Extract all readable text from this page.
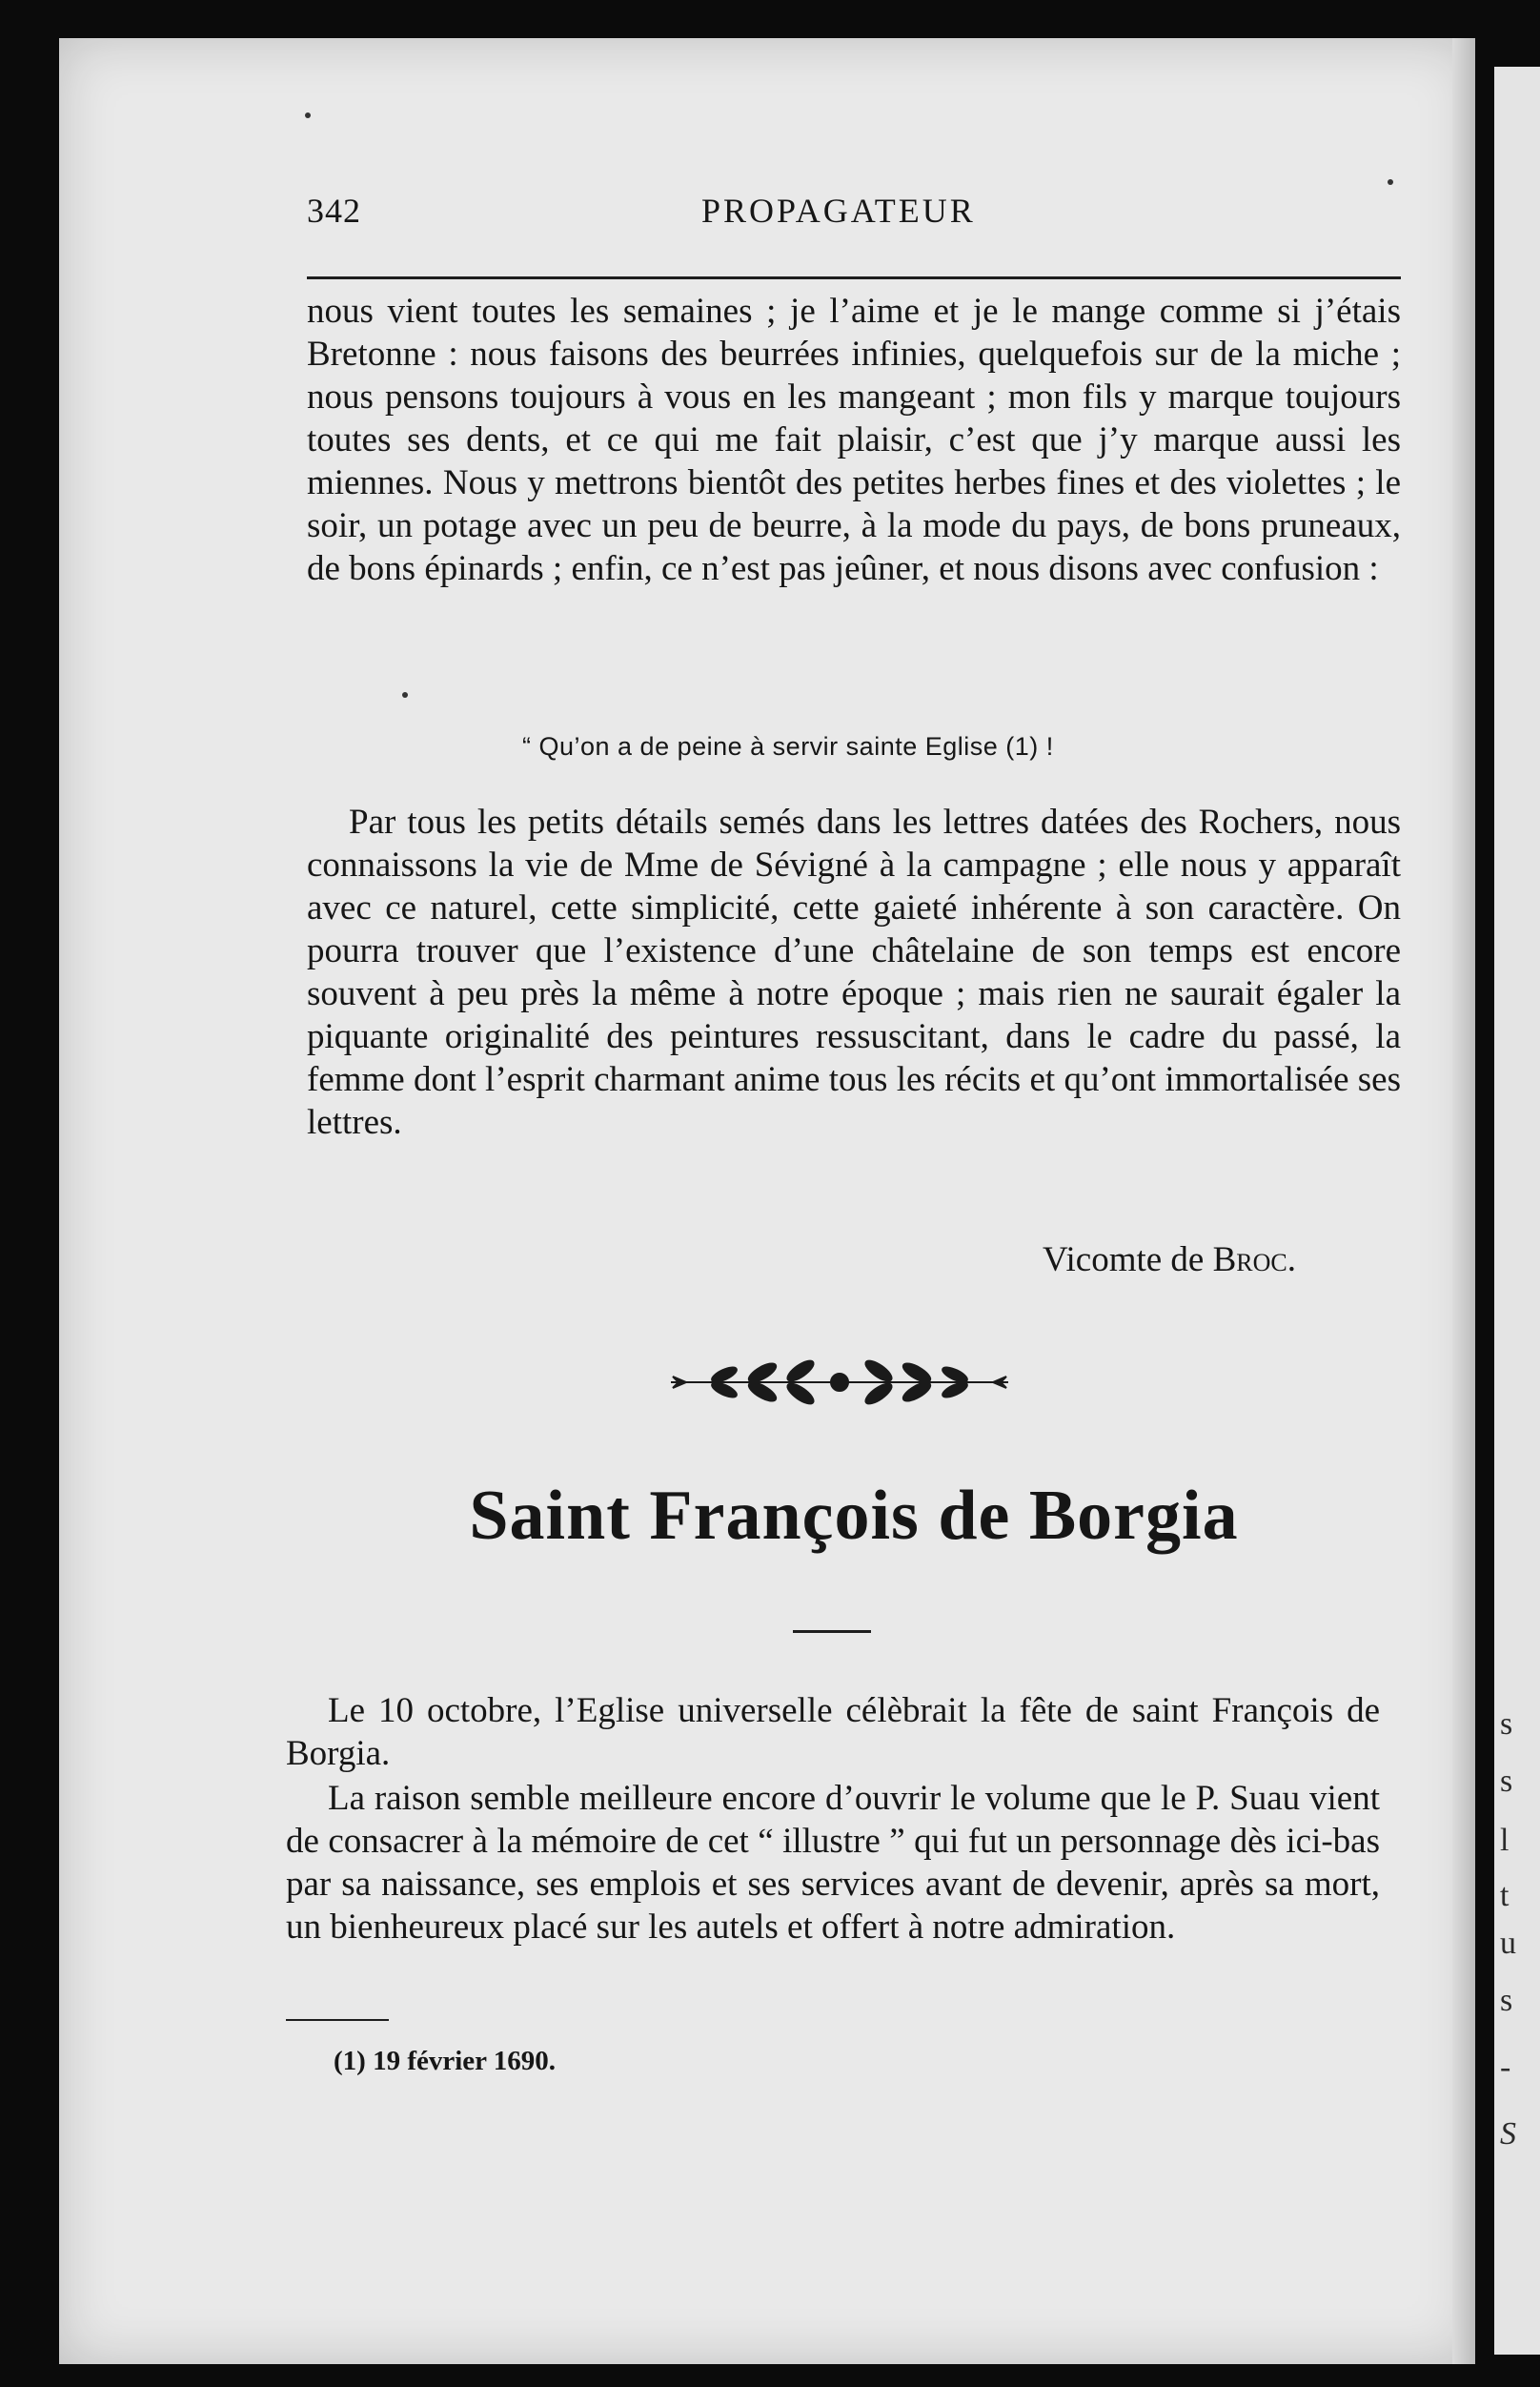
s
s
l
t
u
s
-
S
342	PROPAGATEUR
nous vient toutes les semaines ; je l’aime et je le mange comme si j’étais Bretonne : nous faisons des beurrées infinies, quelquefois sur de la miche ; nous pensons toujours à vous en les mangeant ; mon fils y marque toujours toutes ses dents, et ce qui me fait plaisir, c’est que j’y marque aussi les miennes. Nous y mettrons bientôt des petites herbes fines et des violettes ; le soir, un potage avec un peu de beurre, à la mode du pays, de bons pruneaux, de bons épinards ; enfin, ce n’est pas jeûner, et nous disons avec confusion :
“ Qu’on a de peine à servir sainte Eglise (1) !
Par tous les petits détails semés dans les lettres datées des Rochers, nous connaissons la vie de Mme de Sévigné à la campagne ; elle nous y apparaît avec ce naturel, cette simplicité, cette gaieté inhérente à son caractère. On pourra trouver que l’existence d’une châtelaine de son temps est encore souvent à peu près la même à notre époque ; mais rien ne saurait égaler la piquante originalité des peintures ressuscitant, dans le cadre du passé, la femme dont l’esprit charmant anime tous les récits et qu’ont immortalisée ses lettres.
Vicomte de Broc.
Saint François de Borgia
Le 10 octobre, l’Eglise universelle célèbrait la fête de saint François de Borgia.
La raison semble meilleure encore d’ouvrir le volume que le P. Suau vient de consacrer à la mémoire de cet “ illustre ” qui fut un personnage dès ici-bas par sa naissance, ses emplois et ses services avant de devenir, après sa mort, un bienheureux placé sur les autels et offert à notre admiration.
(1) 19 février 1690.
